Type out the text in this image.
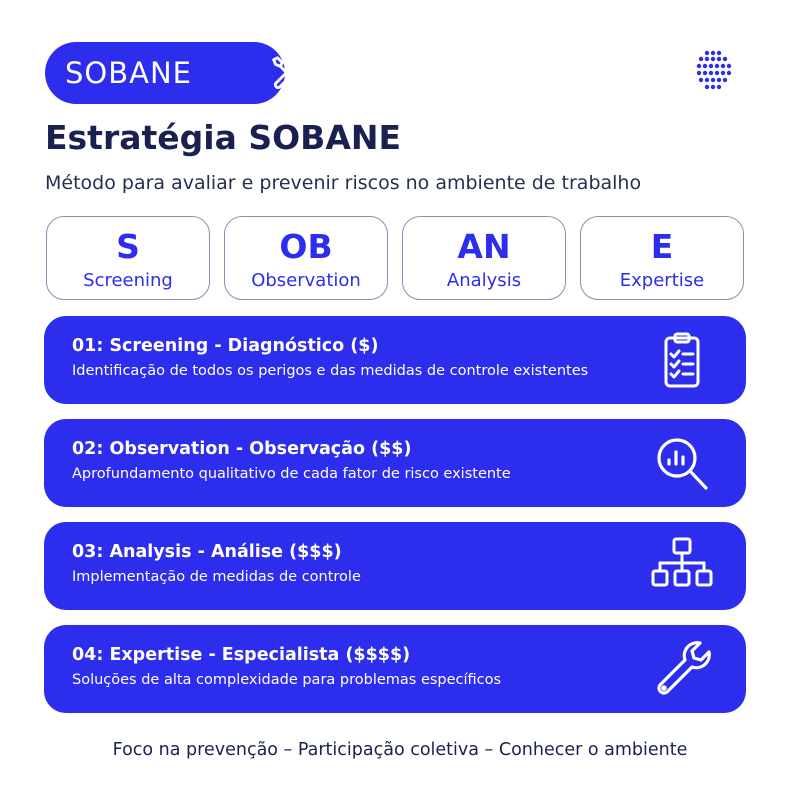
SOBANE
Estratégia SOBANE

Método para avaliar e prevenir riscos no ambiente de trabalho

S
Screening
OB
Observation
AN
Analysis
E
Expertise
01: Screening - Diagnóstico ($)
Identificação de todos os perigos e das medidas de controle existentes
02: Observation - Observação ($$)
Aprofundamento qualitativo de cada fator de risco existente
03: Analysis - Análise ($$$)
Implementação de medidas de controle
04: Expertise - Especialista ($$$$)
Soluções de alta complexidade para problemas específicos
Foco na prevenção – Participação coletiva – Conhecer o ambiente
